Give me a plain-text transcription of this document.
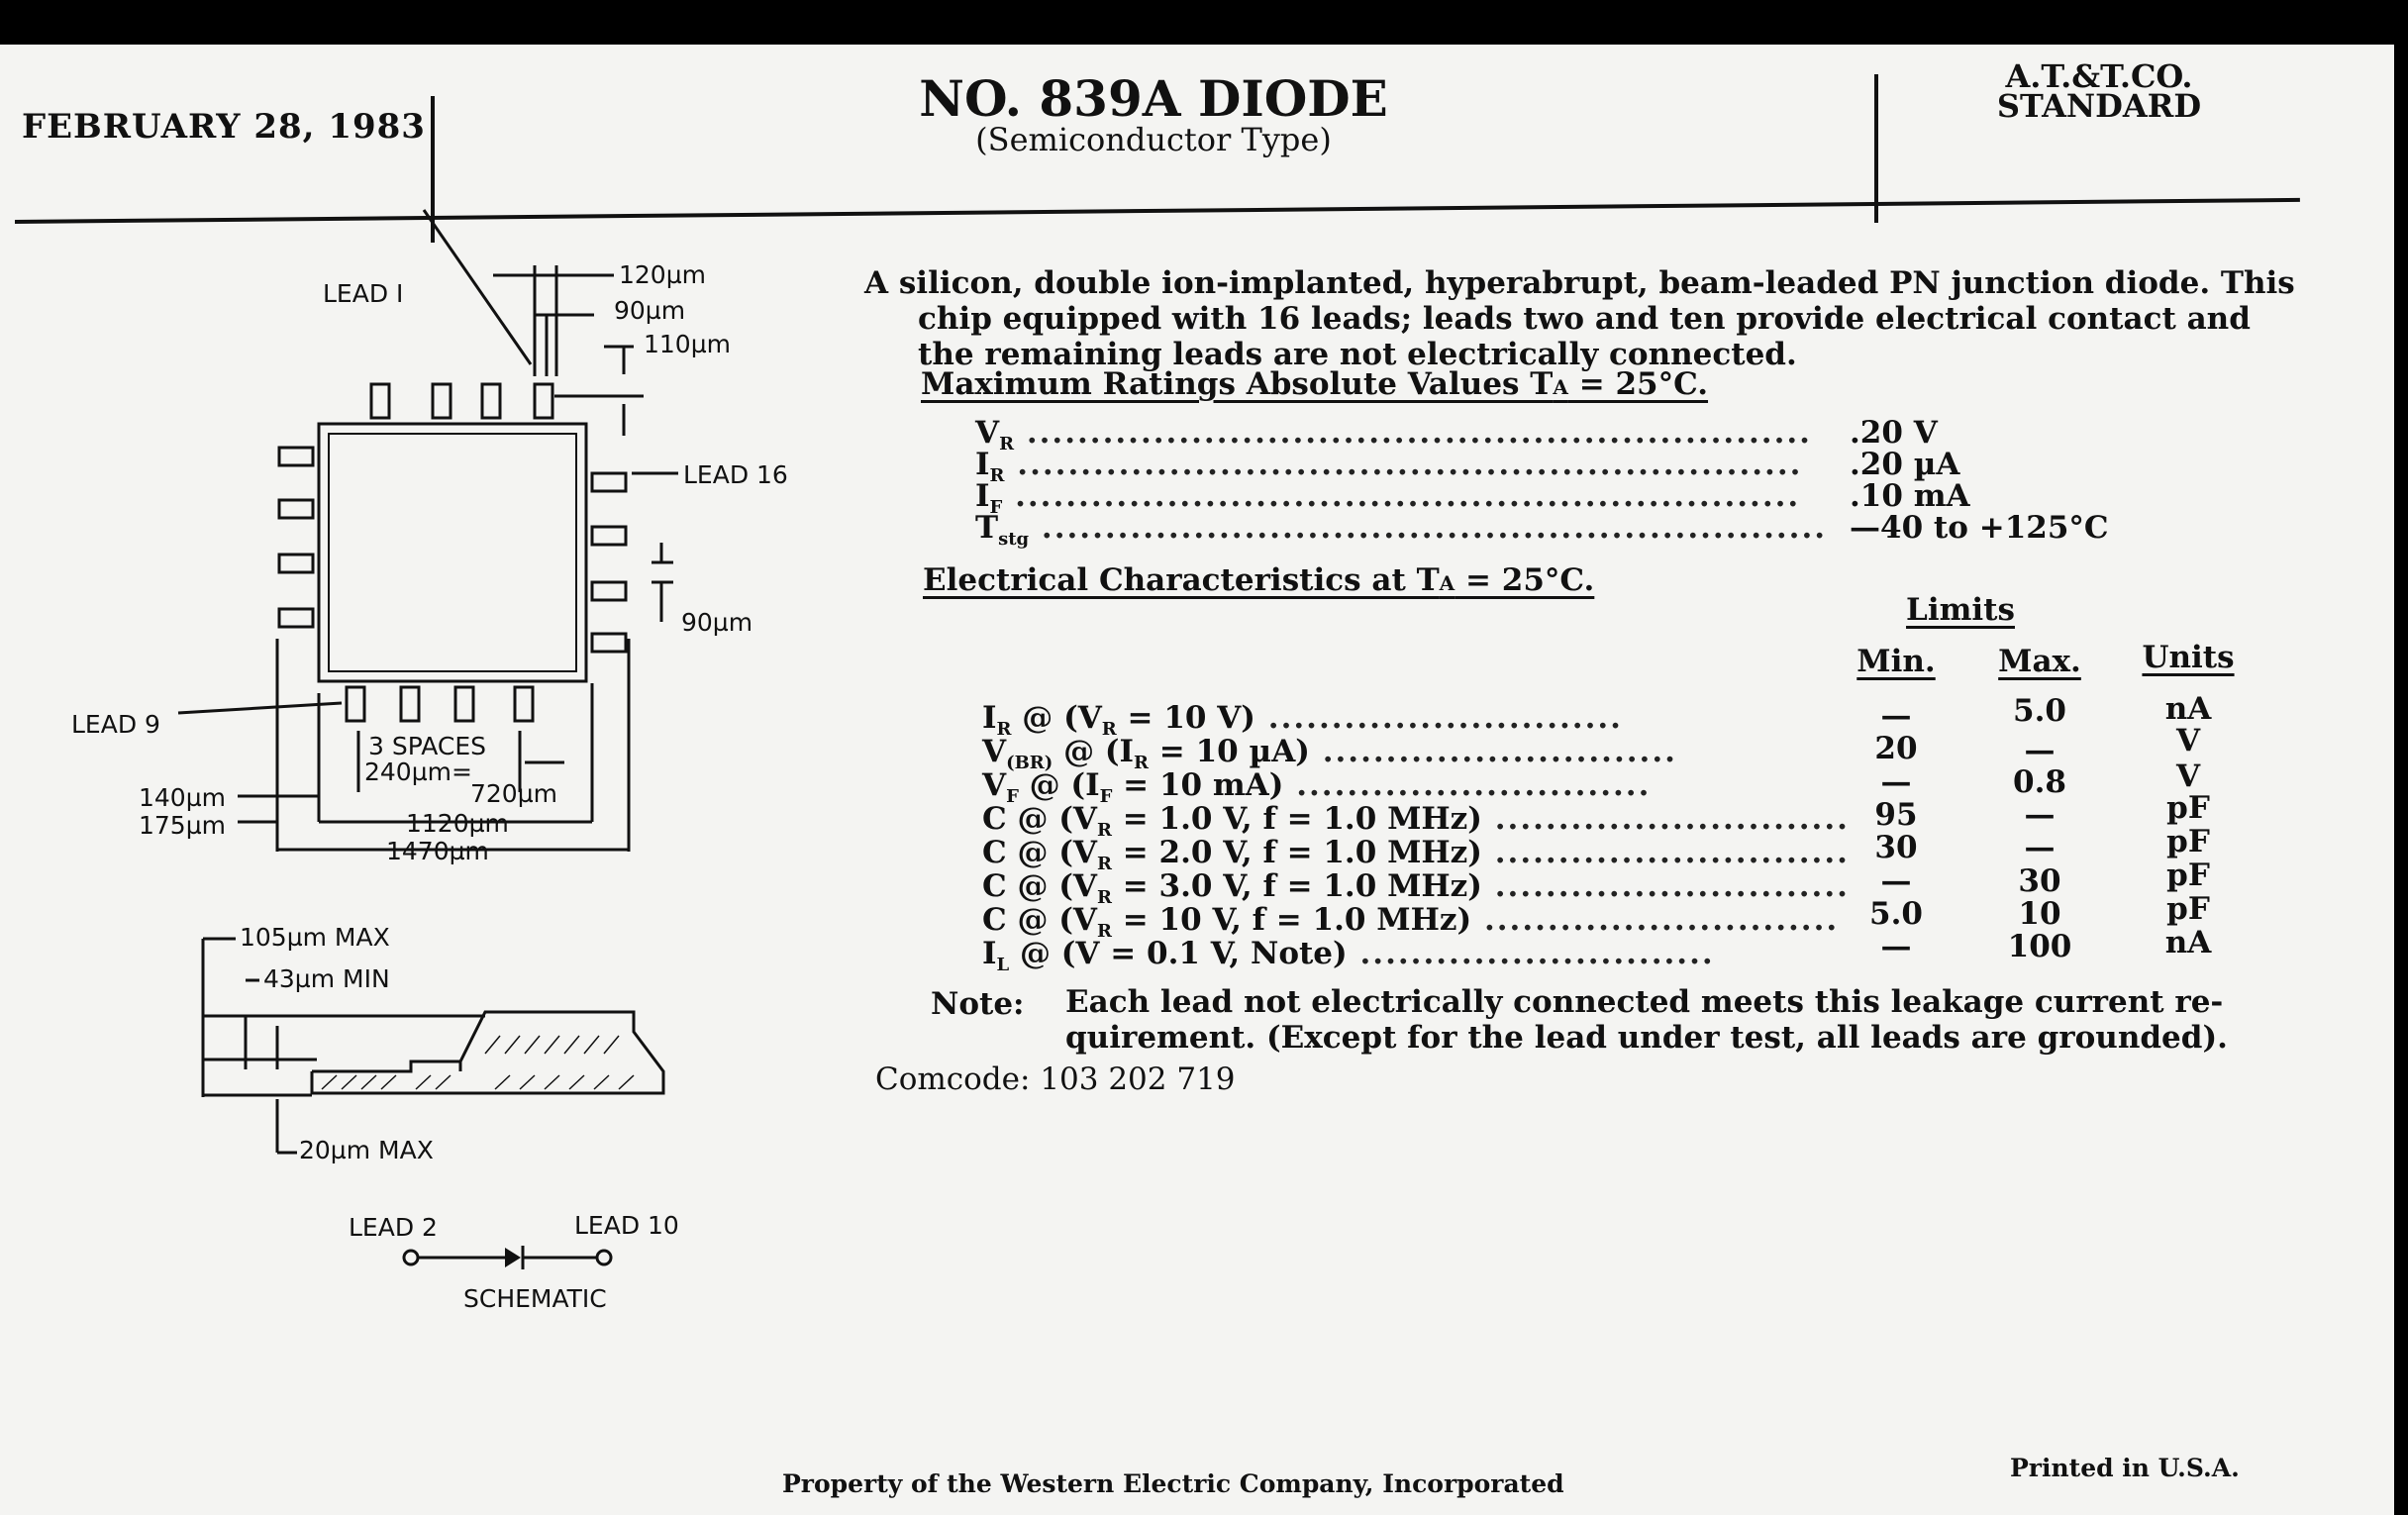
FEBRUARY 28, 1983	NO. 839A DIODE
(Semiconductor Type)
A.T.&T.CO.
STANDARD
A silicon, double ion-implanted, hyperabrupt, beam-leaded PN junction diode. This
chip equipped with 16 leads; leads two and ten provide electrical contact and
the remaining leads are not electrically connected.
Maximum Ratings Absolute Values TA = 25°C.
$V_R$ .............................................................. .20 V
$I_R$ .............................................................. .20 µA
$I_F$ .............................................................. .10 mA
$T_{stg}$ .............................................................. —40 to +125°C
Electrical Characteristics at TA = 25°C.
Limits
Min.	Max.	Units
$I_R$ @ ($V_R = 10$ V) ............................	—	5.0	nA
$V_{(BR)}$ @ ($I_R = 10$ µA) ............................	20	—	V
$V_F$ @ ($I_F = 10$ mA) ............................	—	0.8	V
C @ ($V_R = 1.0$ V, f = 1.0 MHz) ............................ 95	—	pF
C @ ($V_R = 2.0$ V, f = 1.0 MHz) ............................ 30	—	pF
C @ ($V_R = 3.0$ V, f = 1.0 MHz) ............................	—	30	pF
C @ ($V_R = 10$ V, f = 1.0 MHz) ............................ 5.0	10	pF
$I_L$ @ (V = 0.1 V, Note) ............................	—	100	nA
Note: Each lead not electrically connected meets this leakage current re-
quirement. (Except for the lead under test, all leads are grounded).
Comcode: 103 202 719
Property of the Western Electric Company, Incorporated
Printed in U.S.A.
LEAD I
120µm
90µm
110µm
LEAD 16
90µm
LEAD 9
3 SPACES
240µm=
720µm
140µm
175µm	1120µm
1470µm
105µm MAX
43µm MIN
20µm MAX
LEAD 2	LEAD 10
SCHEMATIC
